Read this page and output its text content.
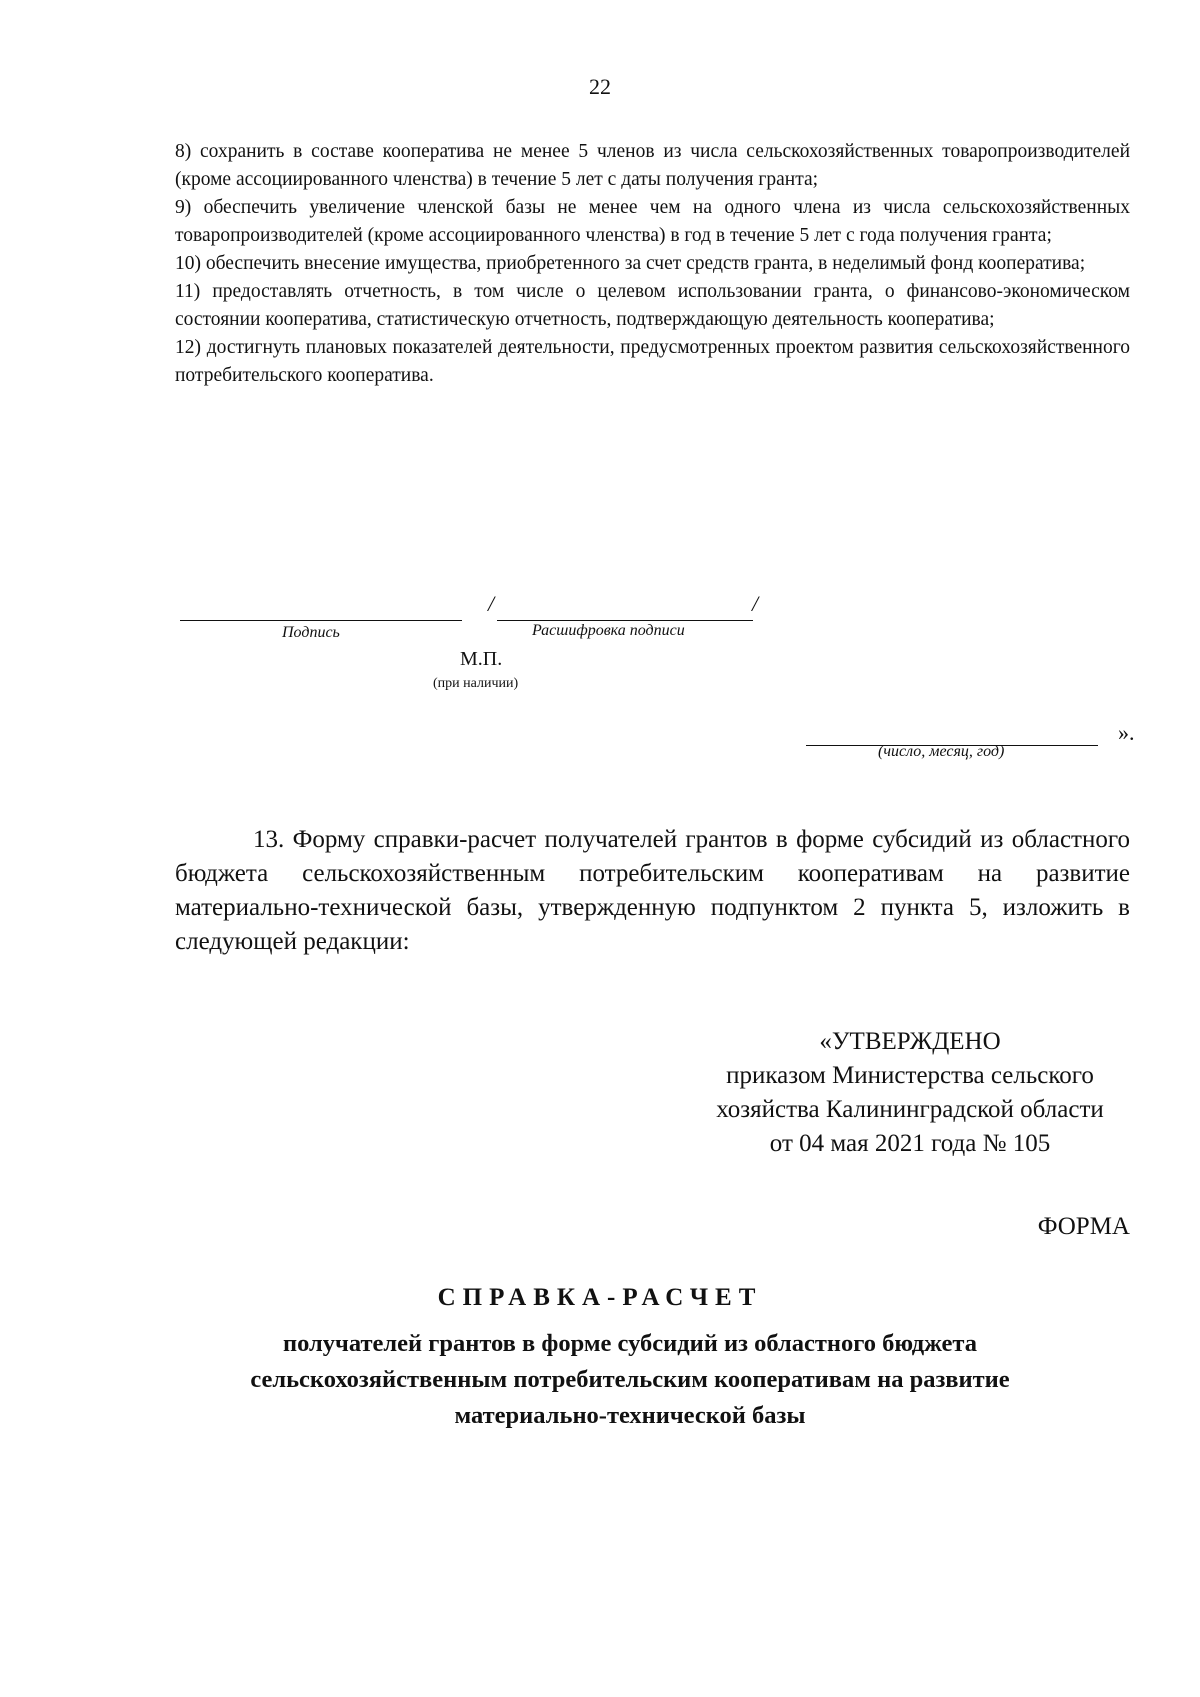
22

8) сохранить в составе кооператива не менее 5 членов из числа сельскохозяйственных товаропроизводителей (кроме ассоциированного членства) в течение 5 лет с даты получения гранта;

9) обеспечить увеличение членской базы не менее чем на одного члена из числа сельскохозяйственных товаропроизводителей (кроме ассоциированного членства) в год в течение 5 лет с года получения гранта;

10) обеспечить внесение имущества, приобретенного за счет средств гранта, в неделимый фонд кооператива;

11) предоставлять отчетность, в том числе о целевом использовании гранта, о финансово-экономическом состоянии кооператива, статистическую отчетность, подтверждающую деятельность кооператива;

12) достигнуть плановых показателей деятельности, предусмотренных проектом развития сельскохозяйственного потребительского кооператива.

/	/
Подпись	Расшифровка подписи
М.П.
(при наличии)
».
(число, месяц, год)

13. Форму справки-расчет получателей грантов в форме субсидий из областного бюджета сельскохозяйственным потребительским кооперативам на развитие материально-технической базы, утвержденную подпунктом 2 пункта 5, изложить в следующей редакции:

«УТВЕРЖДЕНО
приказом Министерства сельского
хозяйства Калининградской области
от 04 мая 2021 года № 105
ФОРМА
СПРАВКА-РАСЧЕТ
получателей грантов в форме субсидий из областного бюджета
сельскохозяйственным потребительским кооперативам на развитие
материально-технической базы
